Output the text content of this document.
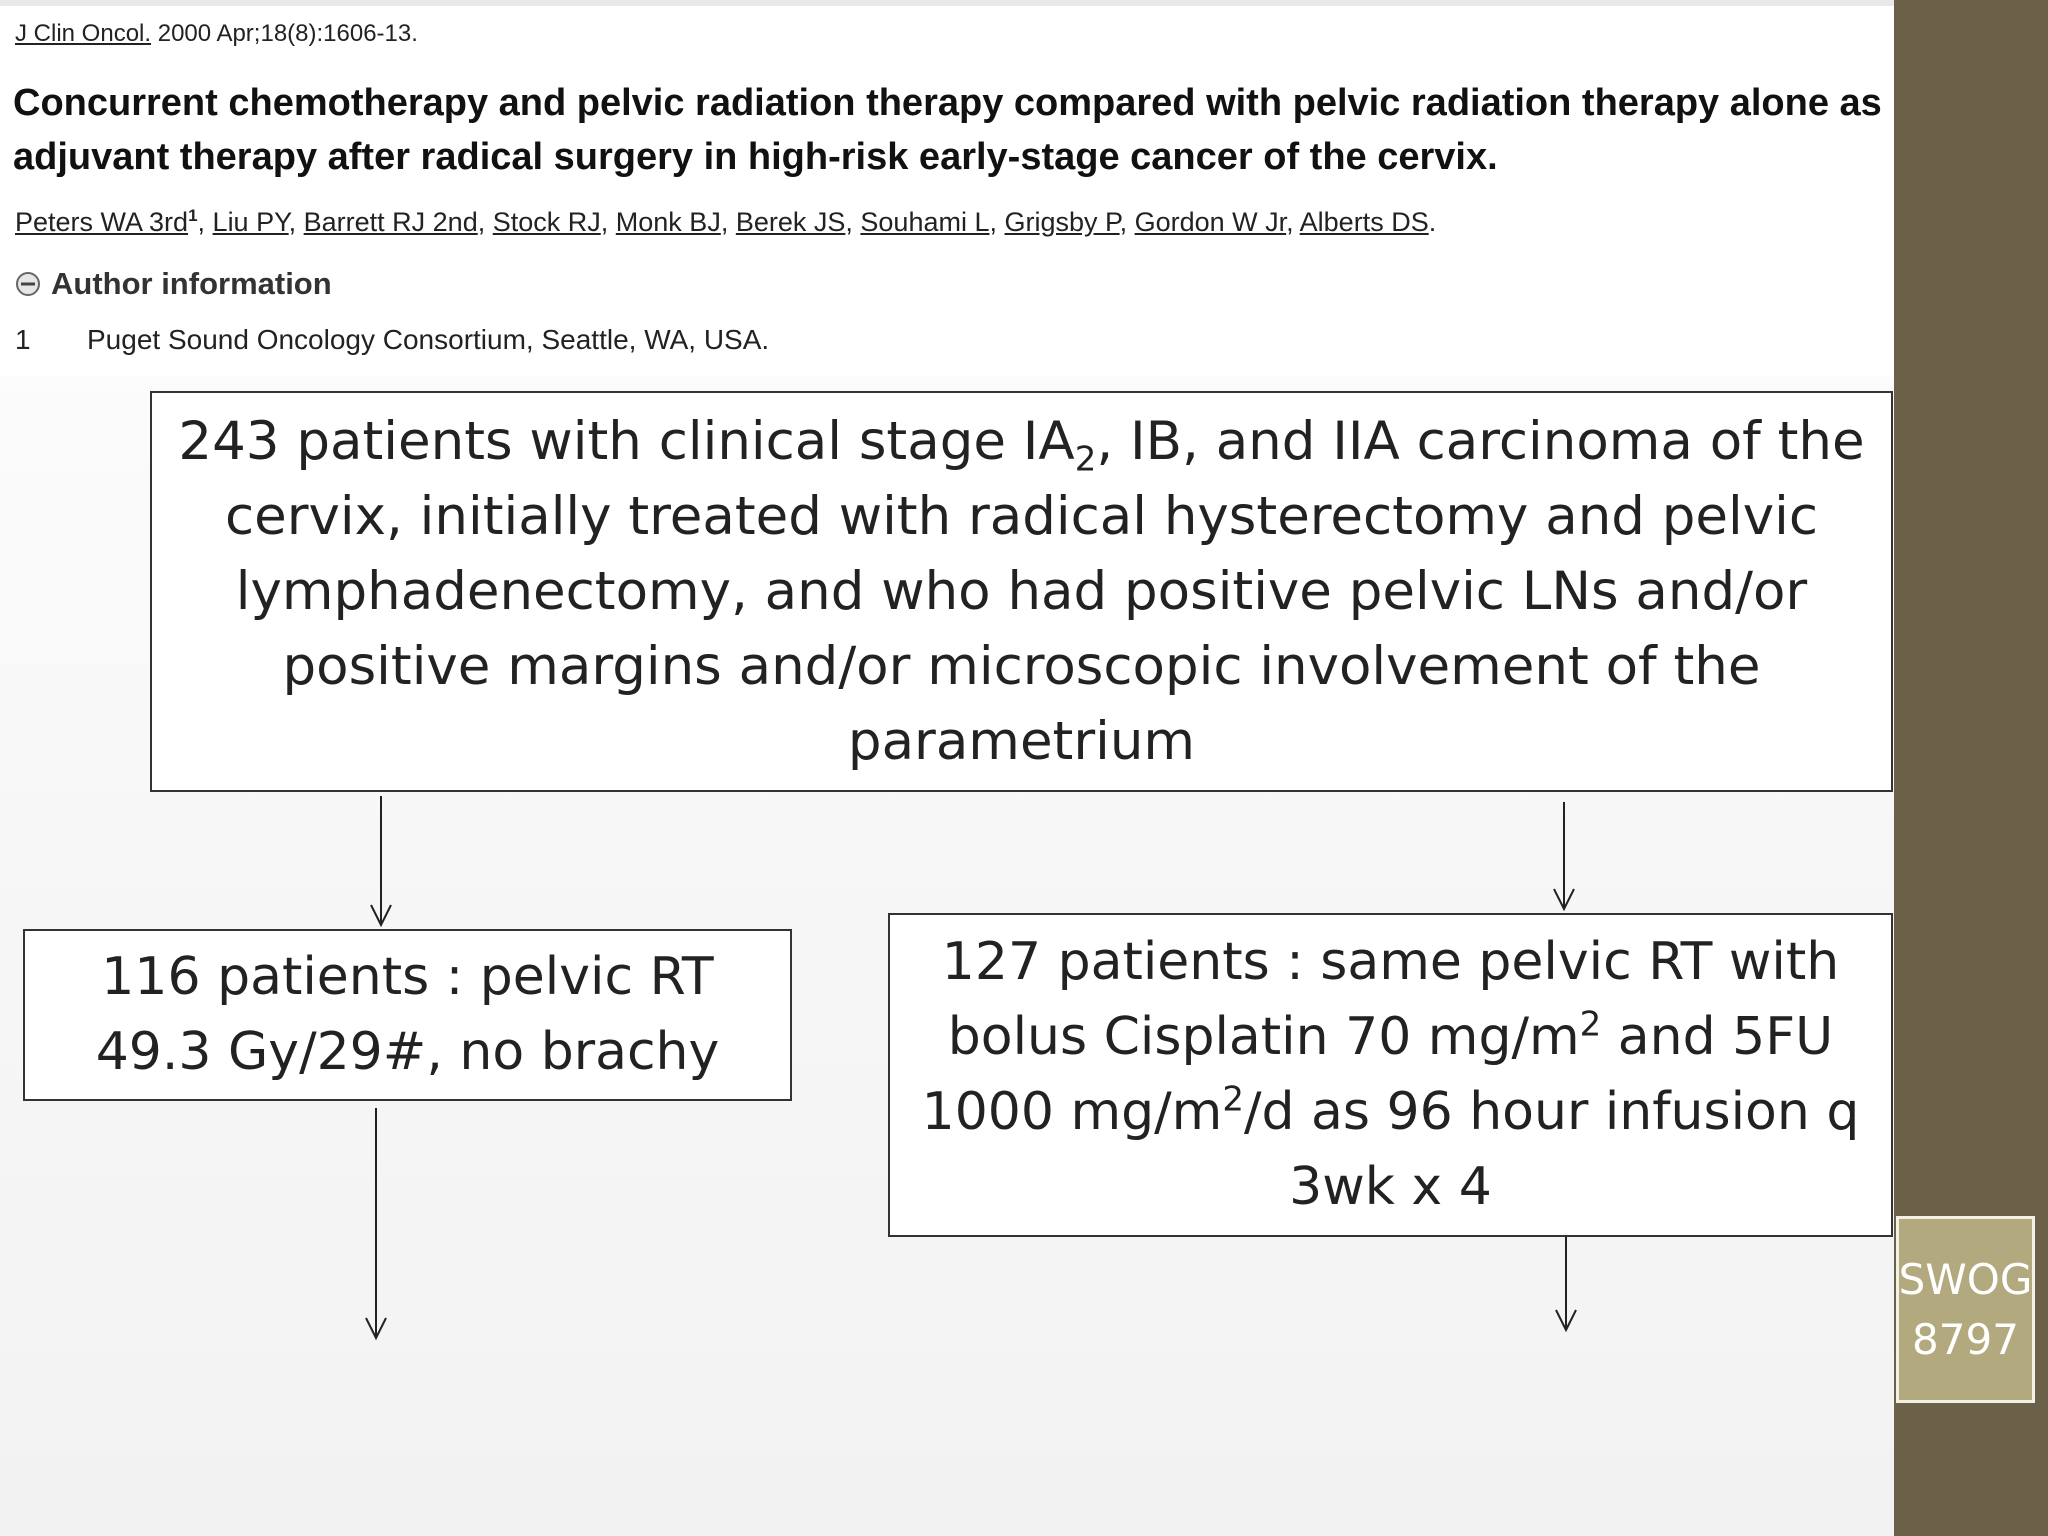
J Clin Oncol. 2000 Apr;18(8):1606-13.
Concurrent chemotherapy and pelvic radiation therapy compared with pelvic radiation therapy alone as adjuvant therapy after radical surgery in high-risk early-stage cancer of the cervix.
Peters WA $3rd^1$, Liu PY, Barrett RJ 2nd, Stock RJ, Monk BJ, Berek JS, Souhami L, Grigsby P, Gordon W Jr, Alberts DS.
Author information
1	Puget Sound Oncology Consortium, Seattle, WA, USA.

243 patients with clinical stage $IA_2$, IB, and IIA carcinoma of the

cervix, initially treated with radical hysterectomy and pelvic

lymphadenectomy, and who had positive pelvic LNs and/or

positive margins and/or microscopic involvement of the

parametrium

116 patients : pelvic RT

49.3 Gy/29#, no brachy

127 patients : same pelvic RT with

bolus Cisplatin 70 $mg/m^2$ and 5FU

1000 $mg/m^2/d$ as 96 hour infusion q

3wk x 4

SWOG
8797
